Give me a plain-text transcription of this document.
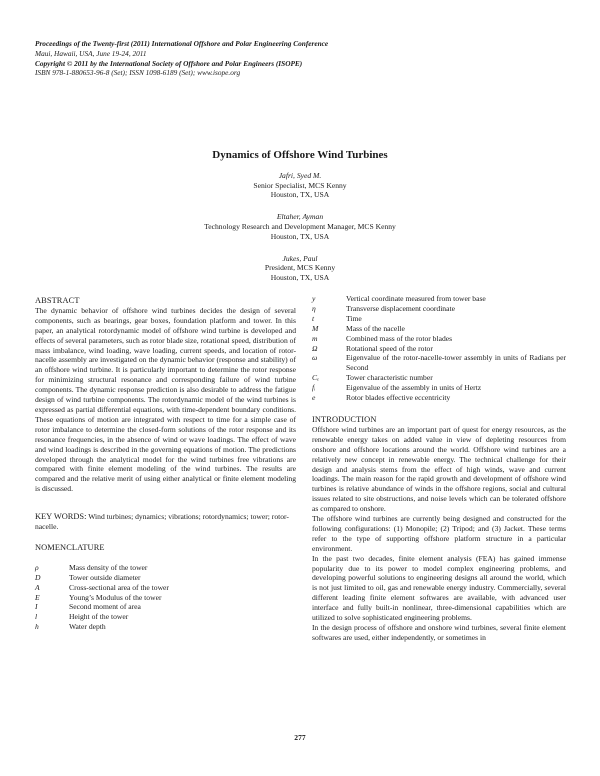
Proceedings of the Twenty-first (2011) International Offshore and Polar Engineering Conference
Maui, Hawaii, USA, June 19-24, 2011
Copyright © 2011 by the International Society of Offshore and Polar Engineers (ISOPE)
ISBN 978-1-880653-96-8 (Set); ISSN 1098-6189 (Set); www.isope.org
Dynamics of Offshore Wind Turbines
Jafri, Syed M.
Senior Specialist, MCS Kenny
Houston, TX, USA
Eltaher, Ayman
Technology Research and Development Manager, MCS Kenny
Houston, TX, USA
Jukes, Paul
President, MCS Kenny
Houston, TX, USA
ABSTRACT

The dynamic behavior of offshore wind turbines decides the design of several components, such as bearings, gear boxes, foundation platform and tower. In this paper, an analytical rotordynamic model of offshore wind turbine is developed and effects of several parameters, such as rotor blade size, rotational speed, distribution of mass imbalance, wind loading, wave loading, current speeds, and location of rotor-nacelle assembly are investigated on the dynamic behavior (response and stability) of an offshore wind turbine. It is particularly important to determine the rotor response for minimizing structural resonance and corresponding failure of wind turbine components. The dynamic response prediction is also desirable to address the fatigue design of wind turbine components. The rotordynamic model of the wind turbines is expressed as partial differential equations, with time-dependent boundary conditions. These equations of motion are integrated with respect to time for a simple case of rotor imbalance to determine the closed-form solutions of the rotor response and its resonance frequencies, in the absence of wind or wave loadings. The effect of wave and wind loadings is described in the governing equations of motion. The predictions developed through the analytical model for the wind turbines free vibrations are compared with finite element modeling of the wind turbines. The results are compared and the relative merit of using either analytical or finite element modeling is discussed.

KEY WORDS: Wind turbines; dynamics; vibrations; rotordynamics; tower; rotor-nacelle.
NOMENCLATURE
ρ	Mass density of the tower
D	Tower outside diameter
A	Cross-sectional area of the tower
E	Young’s Modulus of the tower
I	Second moment of area
l	Height of the tower
h	Water depth
y	Vertical coordinate measured from tower base
η	Transverse displacement coordinate
t	Time
M	Mass of the nacelle
m	Combined mass of the rotor blades
Ω	Rotational speed of the rotor
ω	Eigenvalue of the rotor-nacelle-tower assembly in units of Radians per Second
Cₑ	Tower characteristic number
fᵢ	Eigenvalue of the assembly in units of Hertz
e	Rotor blades effective eccentricity
INTRODUCTION

Offshore wind turbines are an important part of quest for energy resources, as the renewable energy takes on added value in view of depleting resources from onshore and offshore locations around the world. Offshore wind turbines are a relatively new concept in renewable energy. The technical challenge for their design and analysis stems from the effect of high winds, wave and current loadings. The main reason for the rapid growth and development of offshore wind turbines is relative abundance of winds in the offshore regions, social and cultural issues related to site obstructions, and noise levels which can be tolerated offshore as compared to onshore.

The offshore wind turbines are currently being designed and constructed for the following configurations: (1) Monopile; (2) Tripod; and (3) Jacket. These terms refer to the type of supporting offshore platform structure in a particular environment.

In the past two decades, finite element analysis (FEA) has gained immense popularity due to its power to model complex engineering problems, and developing powerful solutions to engineering designs all around the world, which is not just limited to oil, gas and renewable energy industry. Commercially, several different leading finite element softwares are available, with advanced user interface and fully built-in nonlinear, three-dimensional capabilities which are utilized to solve sophisticated engineering problems.

In the design process of offshore and onshore wind turbines, several finite element softwares are used, either independently, or sometimes in

277
